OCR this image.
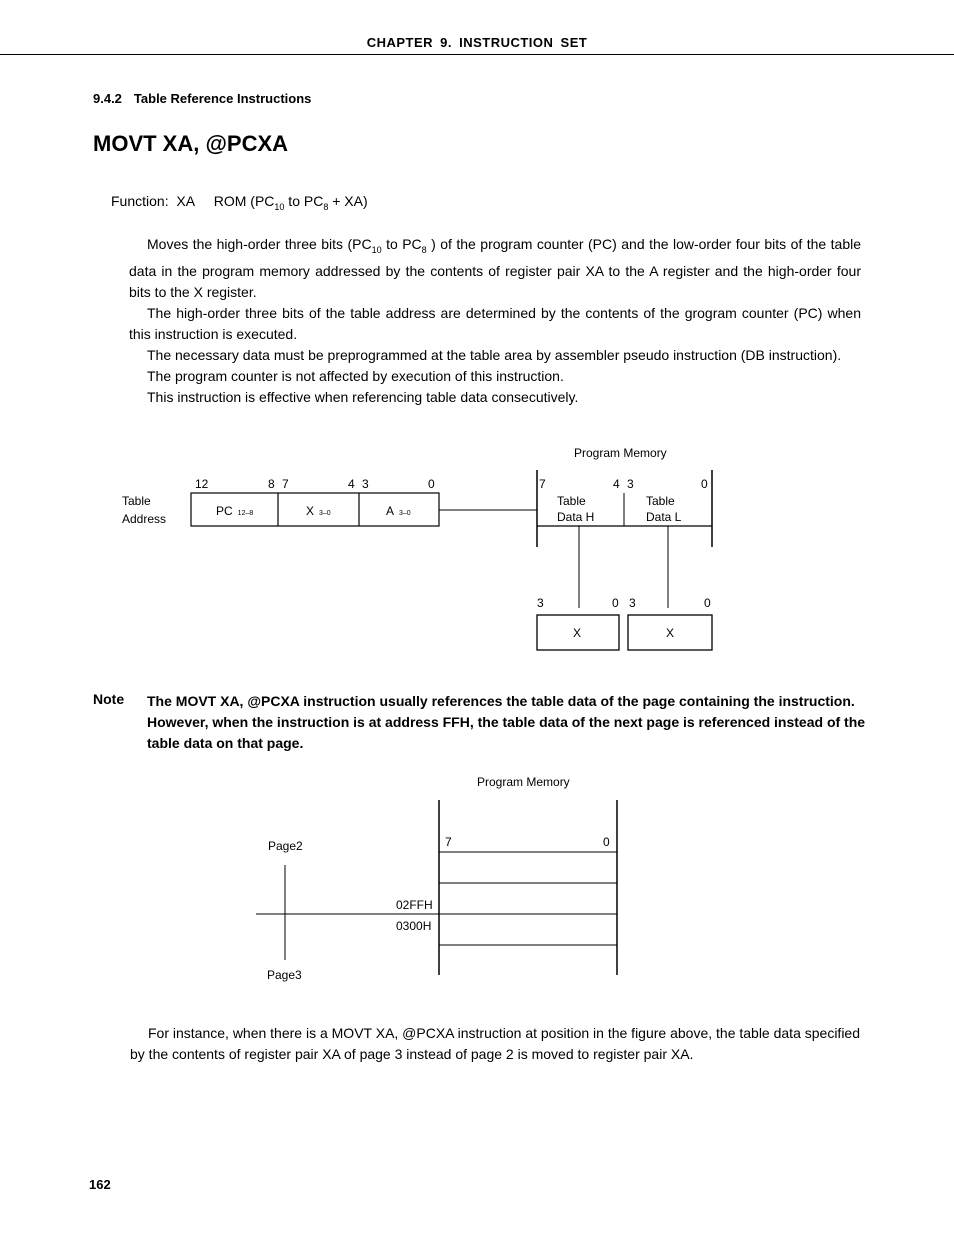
CHAPTER 9. INSTRUCTION SET
9.4.2 Table Reference Instructions
MOVT XA, @PCXA
Function:  XA     ROM ($PC_{10}$ to $PC_8 + XA$)

Moves the high-order three bits ($PC_{10}$ to $PC_8$ ) of the program counter (PC) and the low-order four bits of the table data in the program memory addressed by the contents of register pair XA to the A register and the high-order four bits to the X register.

The high-order three bits of the table address are determined by the contents of the grogram counter (PC) when this instruction is executed.

The necessary data must be preprogrammed at the table area by assembler pseudo instruction (DB instruction).

The program counter is not affected by execution of this instruction.

This instruction is effective when referencing table data consecutively.

Table
Address
12	8 7	4 3	0
PC 12–8	X 3–0	A 3–0
Program Memory
7	4 3	0
Table
Data H
Table
Data L
3	0 3	0
X	X
Program Memory
7	0
Page2
Page3
02FFH
0300H
Note The MOVT XA, @PCXA instruction usually references the table data of the page containing the instruction. However, when the instruction is at address FFH, the table data of the next page is referenced instead of the table data on that page.

For instance, when there is a MOVT XA, @PCXA instruction at position in the figure above, the table data specified by the contents of register pair XA of page 3 instead of page 2 is moved to register pair XA.

162
